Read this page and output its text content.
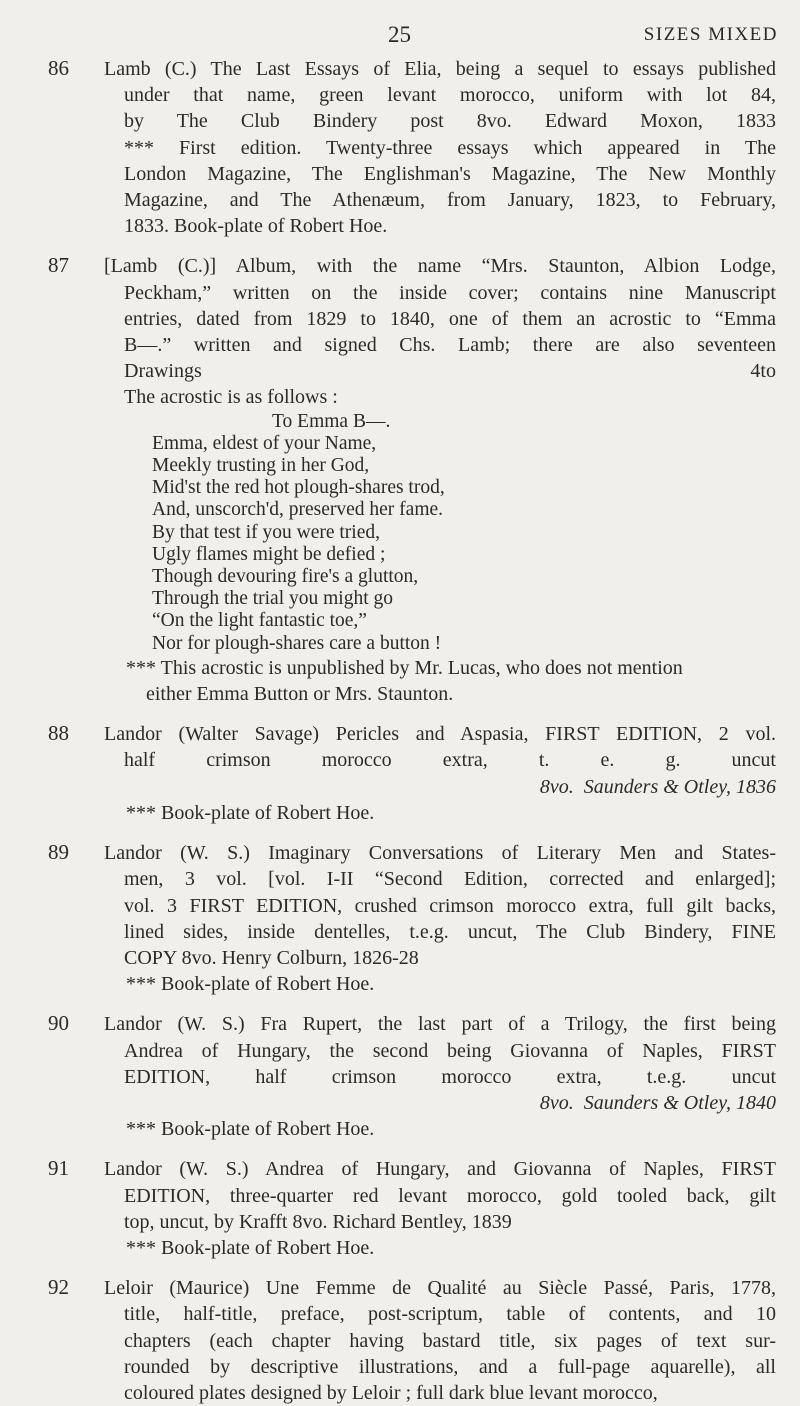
25	SIZES MIXED
86 Lamb (C.) The Last Essays of Elia, being a sequel to essays published
under that name, green levant morocco, uniform with lot 84,
by The Club Bindery post 8vo. Edward Moxon, 1833
*** First edition. Twenty-three essays which appeared in The
London Magazine, The Englishman's Magazine, The New Monthly
Magazine, and The Athenæum, from January, 1823, to February,
1833. Book-plate of Robert Hoe.
87 [Lamb (C.)] Album, with the name “Mrs. Staunton, Albion Lodge,
Peckham,” written on the inside cover; contains nine Manuscript
entries, dated from 1829 to 1840, one of them an acrostic to “Emma
B—.” written and signed Chs. Lamb; there are also seventeen
Drawings 4to
The acrostic is as follows :
To Emma B—.
Emma, eldest of your Name,
Meekly trusting in her God,
Mid'st the red hot plough-shares trod,
And, unscorch'd, preserved her fame.
By that test if you were tried,
Ugly flames might be defied ;
Though devouring fire's a glutton,
Through the trial you might go
“On the light fantastic toe,”
Nor for plough-shares care a button !
*** This acrostic is unpublished by Mr. Lucas, who does not mention
either Emma Button or Mrs. Staunton.
88 Landor (Walter Savage) Pericles and Aspasia, FIRST EDITION, 2 vol.
half crimson morocco extra, t. e. g. uncut
8vo. Saunders & Otley, 1836
*** Book-plate of Robert Hoe.
89 Landor (W. S.) Imaginary Conversations of Literary Men and States-
men, 3 vol. [vol. I-II “Second Edition, corrected and enlarged];
vol. 3 FIRST EDITION, crushed crimson morocco extra, full gilt backs,
lined sides, inside dentelles, t.e.g. uncut, The Club Bindery, FINE
COPY 8vo. Henry Colburn, 1826-28
*** Book-plate of Robert Hoe.
90 Landor (W. S.) Fra Rupert, the last part of a Trilogy, the first being
Andrea of Hungary, the second being Giovanna of Naples, FIRST
EDITION, half crimson morocco extra, t.e.g. uncut
8vo. Saunders & Otley, 1840
*** Book-plate of Robert Hoe.
91 Landor (W. S.) Andrea of Hungary, and Giovanna of Naples, FIRST
EDITION, three-quarter red levant morocco, gold tooled back, gilt
top, uncut, by Krafft 8vo. Richard Bentley, 1839
*** Book-plate of Robert Hoe.
92 Leloir (Maurice) Une Femme de Qualité au Siècle Passé, Paris, 1778,
title, half-title, preface, post-scriptum, table of contents, and 10
chapters (each chapter having bastard title, six pages of text sur-
rounded by descriptive illustrations, and a full-page aquarelle), all
coloured plates designed by Leloir ; full dark blue levant morocco,
